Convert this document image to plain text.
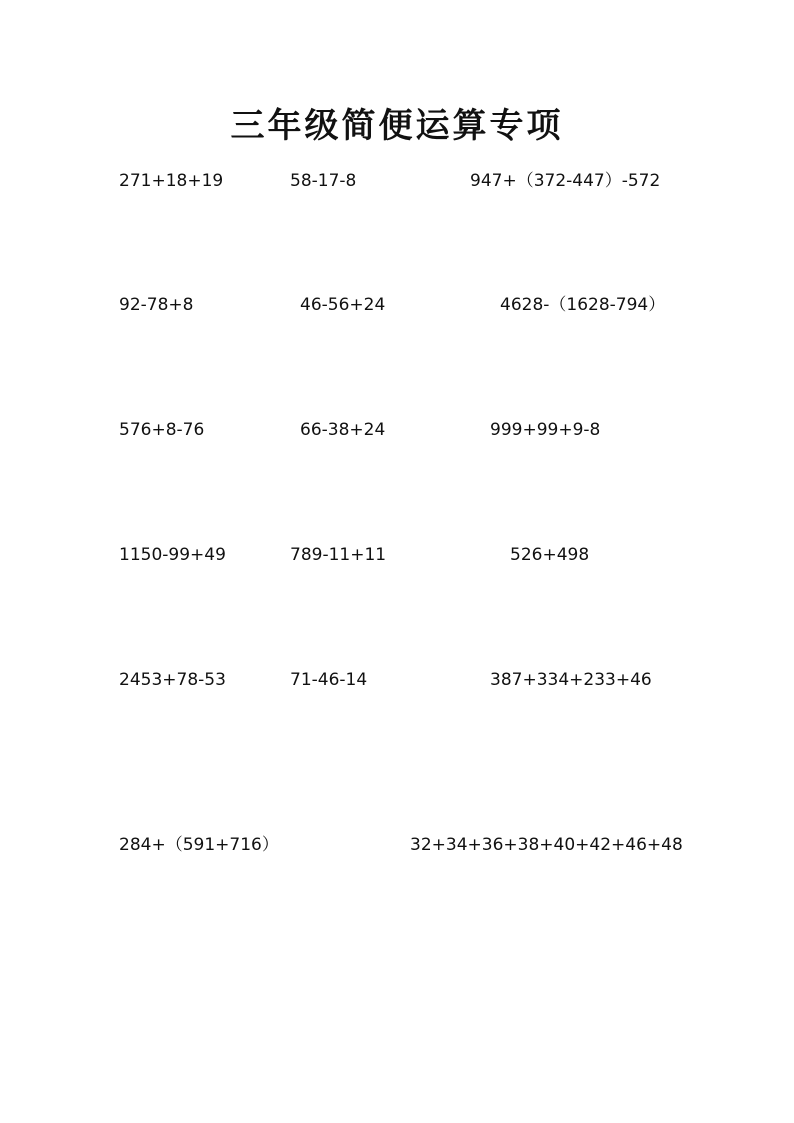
三年级简便运算专项
271+18+19	58-17-8	947+（372-447）-572
92-78+8	46-56+24	4628-（1628-794）
576+8-76	66-38+24	999+99+9-8
1150-99+49	789-11+11	526+498
2453+78-53	71-46-14	387+334+233+46
284+（591+716）	32+34+36+38+40+42+46+48
